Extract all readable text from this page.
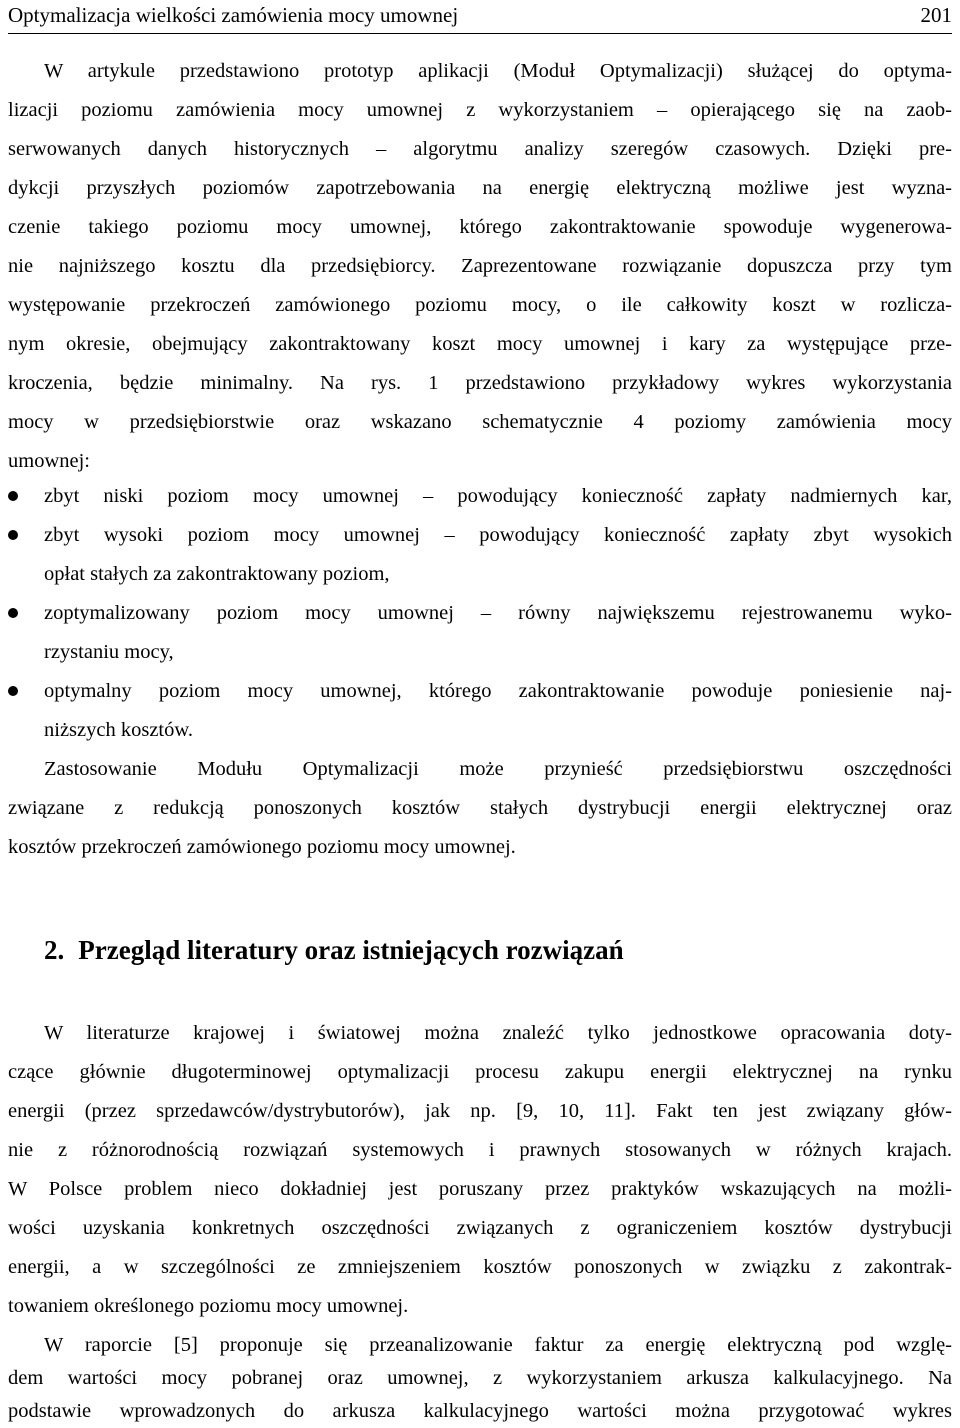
Optymalizacja wielkości zamówienia mocy umownej	201
W artykule przedstawiono prototyp aplikacji (Moduł Optymalizacji) służącej do optyma-
lizacji poziomu zamówienia mocy umownej z wykorzystaniem – opierającego się na zaob-
serwowanych danych historycznych – algorytmu analizy szeregów czasowych. Dzięki pre-
dykcji przyszłych poziomów zapotrzebowania na energię elektryczną możliwe jest wyzna-
czenie takiego poziomu mocy umownej, którego zakontraktowanie spowoduje wygenerowa-
nie najniższego kosztu dla przedsiębiorcy. Zaprezentowane rozwiązanie dopuszcza przy tym
występowanie przekroczeń zamówionego poziomu mocy, o ile całkowity koszt w rozlicza-
nym okresie, obejmujący zakontraktowany koszt mocy umownej i kary za występujące prze-
kroczenia, będzie minimalny. Na rys. 1 przedstawiono przykładowy wykres wykorzystania
mocy w przedsiębiorstwie oraz wskazano schematycznie 4 poziomy zamówienia mocy
umownej:
zbyt niski poziom mocy umownej – powodujący konieczność zapłaty nadmiernych kar,
zbyt wysoki poziom mocy umownej – powodujący konieczność zapłaty zbyt wysokich
opłat stałych za zakontraktowany poziom,
zoptymalizowany poziom mocy umownej – równy największemu rejestrowanemu wyko-
rzystaniu mocy,
optymalny poziom mocy umownej, którego zakontraktowanie powoduje poniesienie naj-
niższych kosztów.
Zastosowanie Modułu Optymalizacji może przynieść przedsiębiorstwu oszczędności
związane z redukcją ponoszonych kosztów stałych dystrybucji energii elektrycznej oraz
kosztów przekroczeń zamówionego poziomu mocy umownej.
2. Przegląd literatury oraz istniejących rozwiązań
W literaturze krajowej i światowej można znaleźć tylko jednostkowe opracowania doty-
czące głównie długoterminowej optymalizacji procesu zakupu energii elektrycznej na rynku
energii (przez sprzedawców/dystrybutorów), jak np. [9, 10, 11]. Fakt ten jest związany głów-
nie z różnorodnością rozwiązań systemowych i prawnych stosowanych w różnych krajach.
W Polsce problem nieco dokładniej jest poruszany przez praktyków wskazujących na możli-
wości uzyskania konkretnych oszczędności związanych z ograniczeniem kosztów dystrybucji
energii, a w szczególności ze zmniejszeniem kosztów ponoszonych w związku z zakontrak-
towaniem określonego poziomu mocy umownej.
W raporcie [5] proponuje się przeanalizowanie faktur za energię elektryczną pod wzglę-
dem wartości mocy pobranej oraz umownej, z wykorzystaniem arkusza kalkulacyjnego. Na
podstawie wprowadzonych do arkusza kalkulacyjnego wartości można przygotować wykres
